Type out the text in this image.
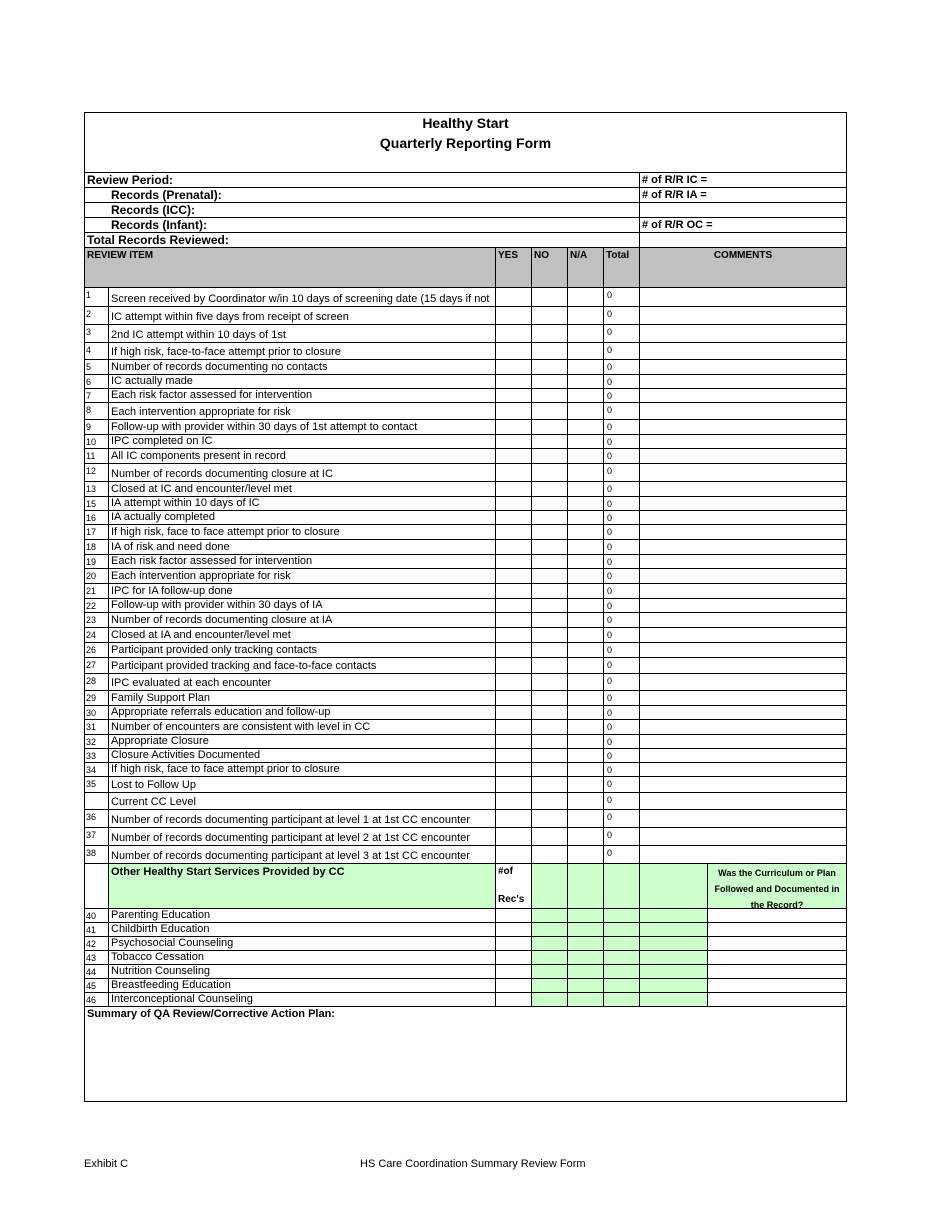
Healthy Start
Quarterly Reporting Form
Review Period:	# of R/R IC =
Records (Prenatal):	# of R/R IA =
Records (ICC):
Records (Infant):	# of R/R OC =
Total Records Reviewed:
REVIEW ITEM	YES	NO	N/A	Total	COMMENTS
1	Screen received by Coordinator w/in 10 days of screening date (15 days if not	0
2	IC attempt within five days from receipt of screen	0
3	2nd IC attempt within 10 days of 1st	0
4	If high risk, face-to-face attempt prior to closure	0
5	Number of records documenting no contacts	0
6	IC actually made	0
7	Each risk factor assessed for intervention	0
8	Each intervention appropriate for risk	0
9	Follow-up with provider within 30 days of 1st attempt to contact	0
10	IPC completed on IC	0
11	All IC components present in record	0
12	Number of records documenting closure at IC	0
13	Closed at IC and encounter/level met	0
15	IA attempt within 10 days of IC	0
16	IA actually completed	0
17	If high risk, face to face attempt prior to closure	0
18	IA of risk and need done	0
19	Each risk factor assessed for intervention	0
20	Each intervention appropriate for risk	0
21	IPC for IA follow-up done	0
22	Follow-up with provider within 30 days of IA	0
23	Number of records documenting closure at IA	0
24	Closed at IA and encounter/level met	0
26	Participant provided only tracking contacts	0
27	Participant provided tracking and face-to-face contacts	0
28	IPC evaluated at each encounter	0
29	Family Support Plan	0
30	Appropriate referrals education and follow-up	0
31	Number of encounters are consistent with level in CC	0
32	Appropriate Closure	0
33	Closure Activities Documented	0
34	If high risk, face to face attempt prior to closure	0
35	Lost to Follow Up	0
Current CC Level	0
36	Number of records documenting participant at level 1 at 1st CC encounter	0
37	Number of records documenting participant at level 2 at 1st CC encounter	0
38	Number of records documenting participant at level 3 at 1st CC encounter	0
Other Healthy Start Services Provided by CC	#of
Rec's
Was the Curriculum or Plan
Followed and Documented in
the Record?
40	Parenting Education
41	Childbirth Education
42	Psychosocial Counseling
43	Tobacco Cessation
44	Nutrition Counseling
45	Breastfeeding Education
46	Interconceptional Counseling
Summary of QA Review/Corrective Action Plan:
Exhibit C	HS Care Coordination Summary Review Form
